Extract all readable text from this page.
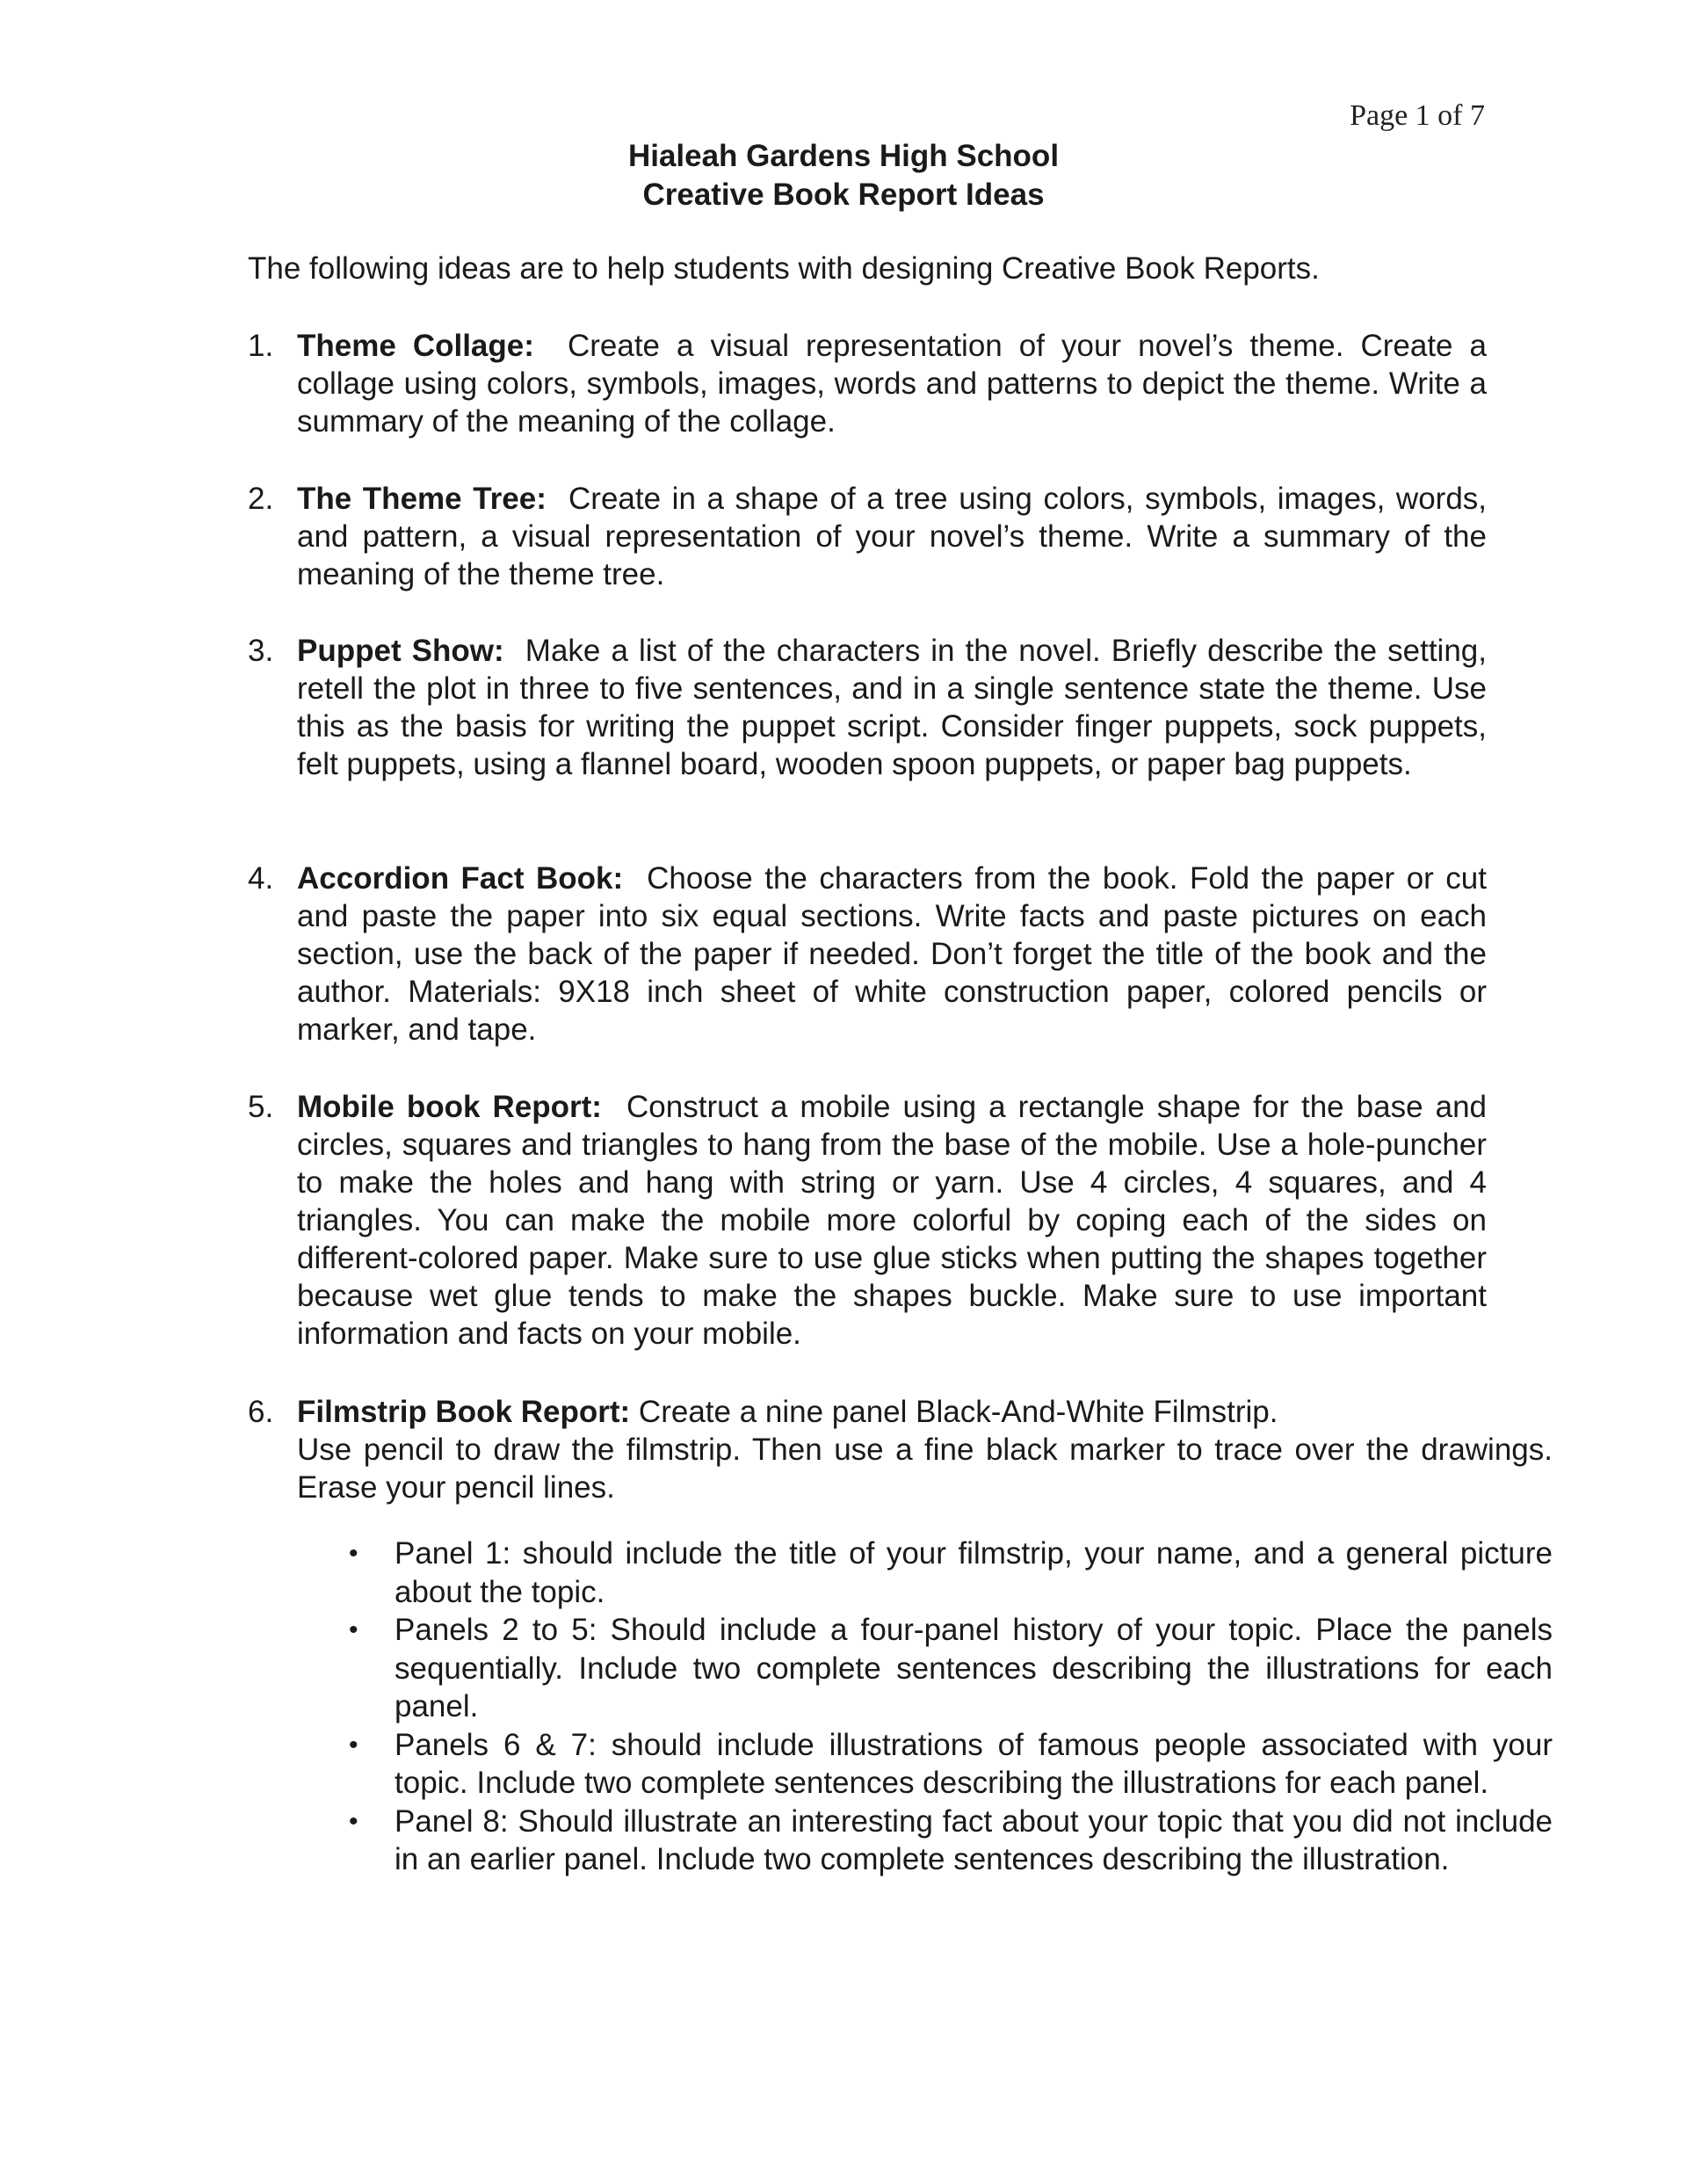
Page 1 of 7
Hialeah Gardens High School
Creative Book Report Ideas
The following ideas are to help students with designing Creative Book Reports.
1. Theme Collage: Create a visual representation of your novel’s theme. Create a collage using colors, symbols, images, words and patterns to depict the theme. Write a summary of the meaning of the collage.
2. The Theme Tree: Create in a shape of a tree using colors, symbols, images, words, and pattern, a visual representation of your novel’s theme. Write a summary of the meaning of the theme tree.
3. Puppet Show: Make a list of the characters in the novel. Briefly describe the setting, retell the plot in three to five sentences, and in a single sentence state the theme. Use this as the basis for writing the puppet script. Consider finger puppets, sock puppets, felt puppets, using a flannel board, wooden spoon puppets, or paper bag puppets.
4. Accordion Fact Book: Choose the characters from the book. Fold the paper or cut and paste the paper into six equal sections. Write facts and paste pictures on each section, use the back of the paper if needed. Don’t forget the title of the book and the author. Materials: 9X18 inch sheet of white construction paper, colored pencils or marker, and tape.
5. Mobile book Report: Construct a mobile using a rectangle shape for the base and circles, squares and triangles to hang from the base of the mobile. Use a hole-puncher to make the holes and hang with string or yarn. Use 4 circles, 4 squares, and 4 triangles. You can make the mobile more colorful by coping each of the sides on different-colored paper. Make sure to use glue sticks when putting the shapes together because wet glue tends to make the shapes buckle. Make sure to use important information and facts on your mobile.
6. Filmstrip Book Report: Create a nine panel Black-And-White Filmstrip.

Use pencil to draw the filmstrip. Then use a fine black marker to trace over the drawings. Erase your pencil lines.

• Panel 1: should include the title of your filmstrip, your name, and a general picture about the topic.
• Panels 2 to 5: Should include a four-panel history of your topic. Place the panels sequentially. Include two complete sentences describing the illustrations for each panel.
• Panels 6 & 7: should include illustrations of famous people associated with your topic. Include two complete sentences describing the illustrations for each panel.
• Panel 8: Should illustrate an interesting fact about your topic that you did not include in an earlier panel. Include two complete sentences describing the illustration.
